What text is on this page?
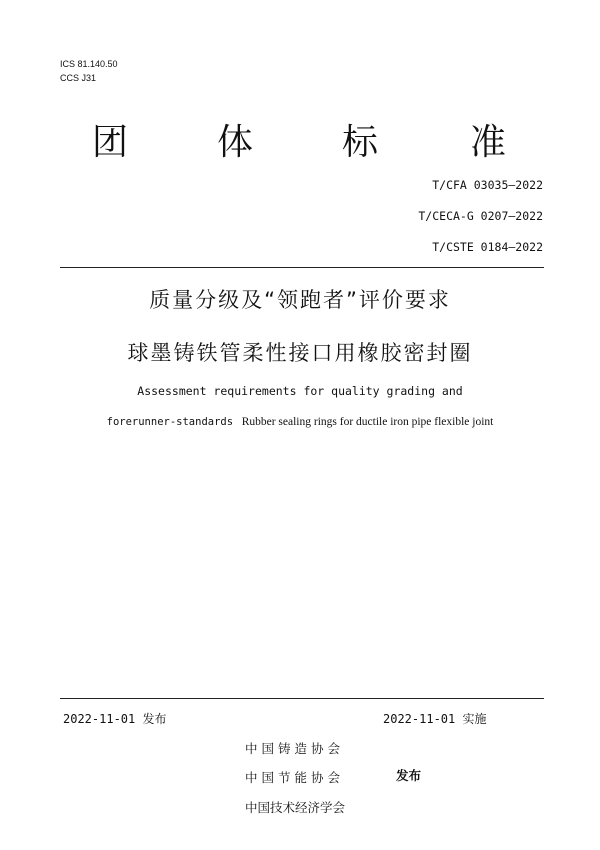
ICS 81.140.50
CCS J31
团 体 标	准
T/CFA 03035—2022
T/CECA-G 0207—2022
T/CSTE 0184—2022
质量分级及“领跑者”评价要求
球墨铸铁管柔性接口用橡胶密封圈
Assessment requirements for quality grading and
forerunner-standards Rubber sealing rings for ductile iron pipe flexible joint
2022-11-01 发布	2022-11-01 实施
中国铸造协会
中国节能协会
中国技术经济学会
发布
